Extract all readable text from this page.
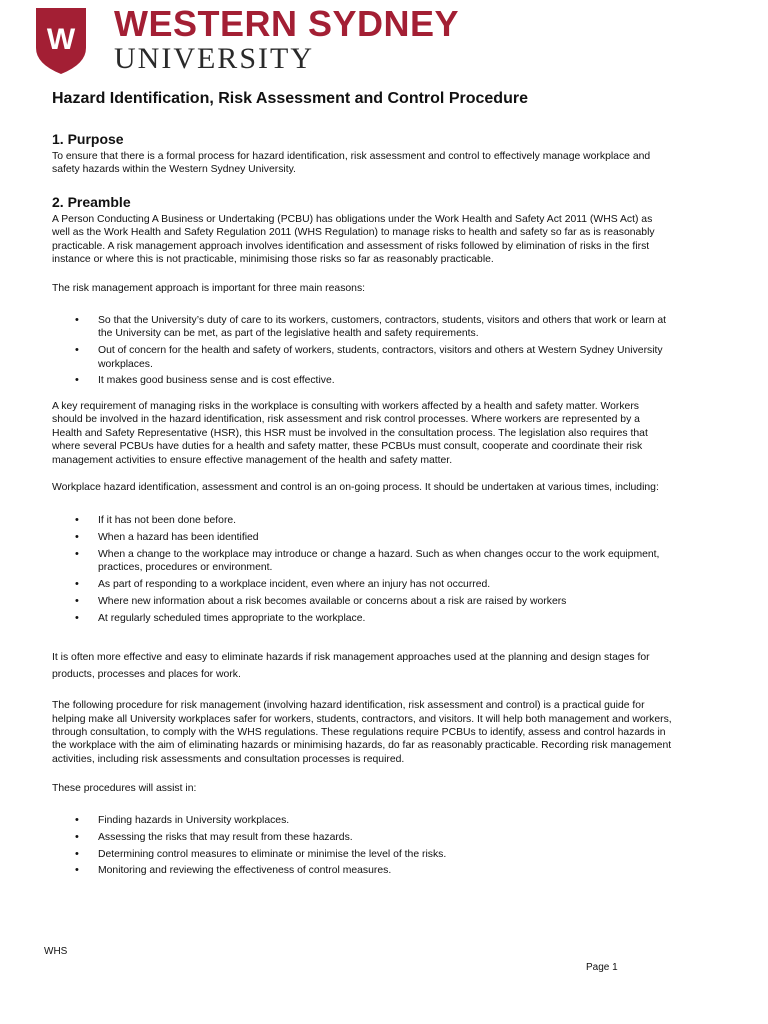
W WESTERN SYDNEY
UNIVERSITY
Hazard Identification, Risk Assessment and Control Procedure
1. Purpose

To ensure that there is a formal process for hazard identification, risk assessment and control to effectively manage workplace and safety hazards within the Western Sydney University.

2. Preamble

A Person Conducting A Business or Undertaking (PCBU) has obligations under the Work Health and Safety Act 2011 (WHS Act) as well as the Work Health and Safety Regulation 2011 (WHS Regulation) to manage risks to health and safety so far as is reasonably practicable. A risk management approach involves identification and assessment of risks followed by elimination of risks in the first instance or where this is not practicable, minimising those risks so far as reasonably practicable.

The risk management approach is important for three main reasons:

• So that the University’s duty of care to its workers, customers, contractors, students, visitors and others that work or learn at the University can be met, as part of the legislative health and safety requirements.
• Out of concern for the health and safety of workers, students, contractors, visitors and others at Western Sydney University workplaces.
• It makes good business sense and is cost effective.

A key requirement of managing risks in the workplace is consulting with workers affected by a health and safety matter. Workers should be involved in the hazard identification, risk assessment and risk control processes. Where workers are represented by a Health and Safety Representative (HSR), this HSR must be involved in the consultation process. The legislation also requires that where several PCBUs have duties for a health and safety matter, these PCBUs must consult, cooperate and coordinate their risk management activities to ensure effective management of the health and safety matter.

Workplace hazard identification, assessment and control is an on-going process. It should be undertaken at various times, including:

• If it has not been done before.
• When a hazard has been identified
• When a change to the workplace may introduce or change a hazard. Such as when changes occur to the work equipment, practices, procedures or environment.
• As part of responding to a workplace incident, even where an injury has not occurred.
• Where new information about a risk becomes available or concerns about a risk are raised by workers
• At regularly scheduled times appropriate to the workplace.

It is often more effective and easy to eliminate hazards if risk management approaches used at the planning and design stages for products, processes and places for work.

The following procedure for risk management (involving hazard identification, risk assessment and control) is a practical guide for helping make all University workplaces safer for workers, students, contractors, and visitors. It will help both management and workers, through consultation, to comply with the WHS regulations. These regulations require PCBUs to identify, assess and control hazards in the workplace with the aim of eliminating hazards or minimising hazards, do far as reasonably practicable. Recording risk management activities, including risk assessments and consultation processes is required.

These procedures will assist in:

• Finding hazards in University workplaces.
• Assessing the risks that may result from these hazards.
• Determining control measures to eliminate or minimise the level of the risks.
• Monitoring and reviewing the effectiveness of control measures.
WHS
Page 1
